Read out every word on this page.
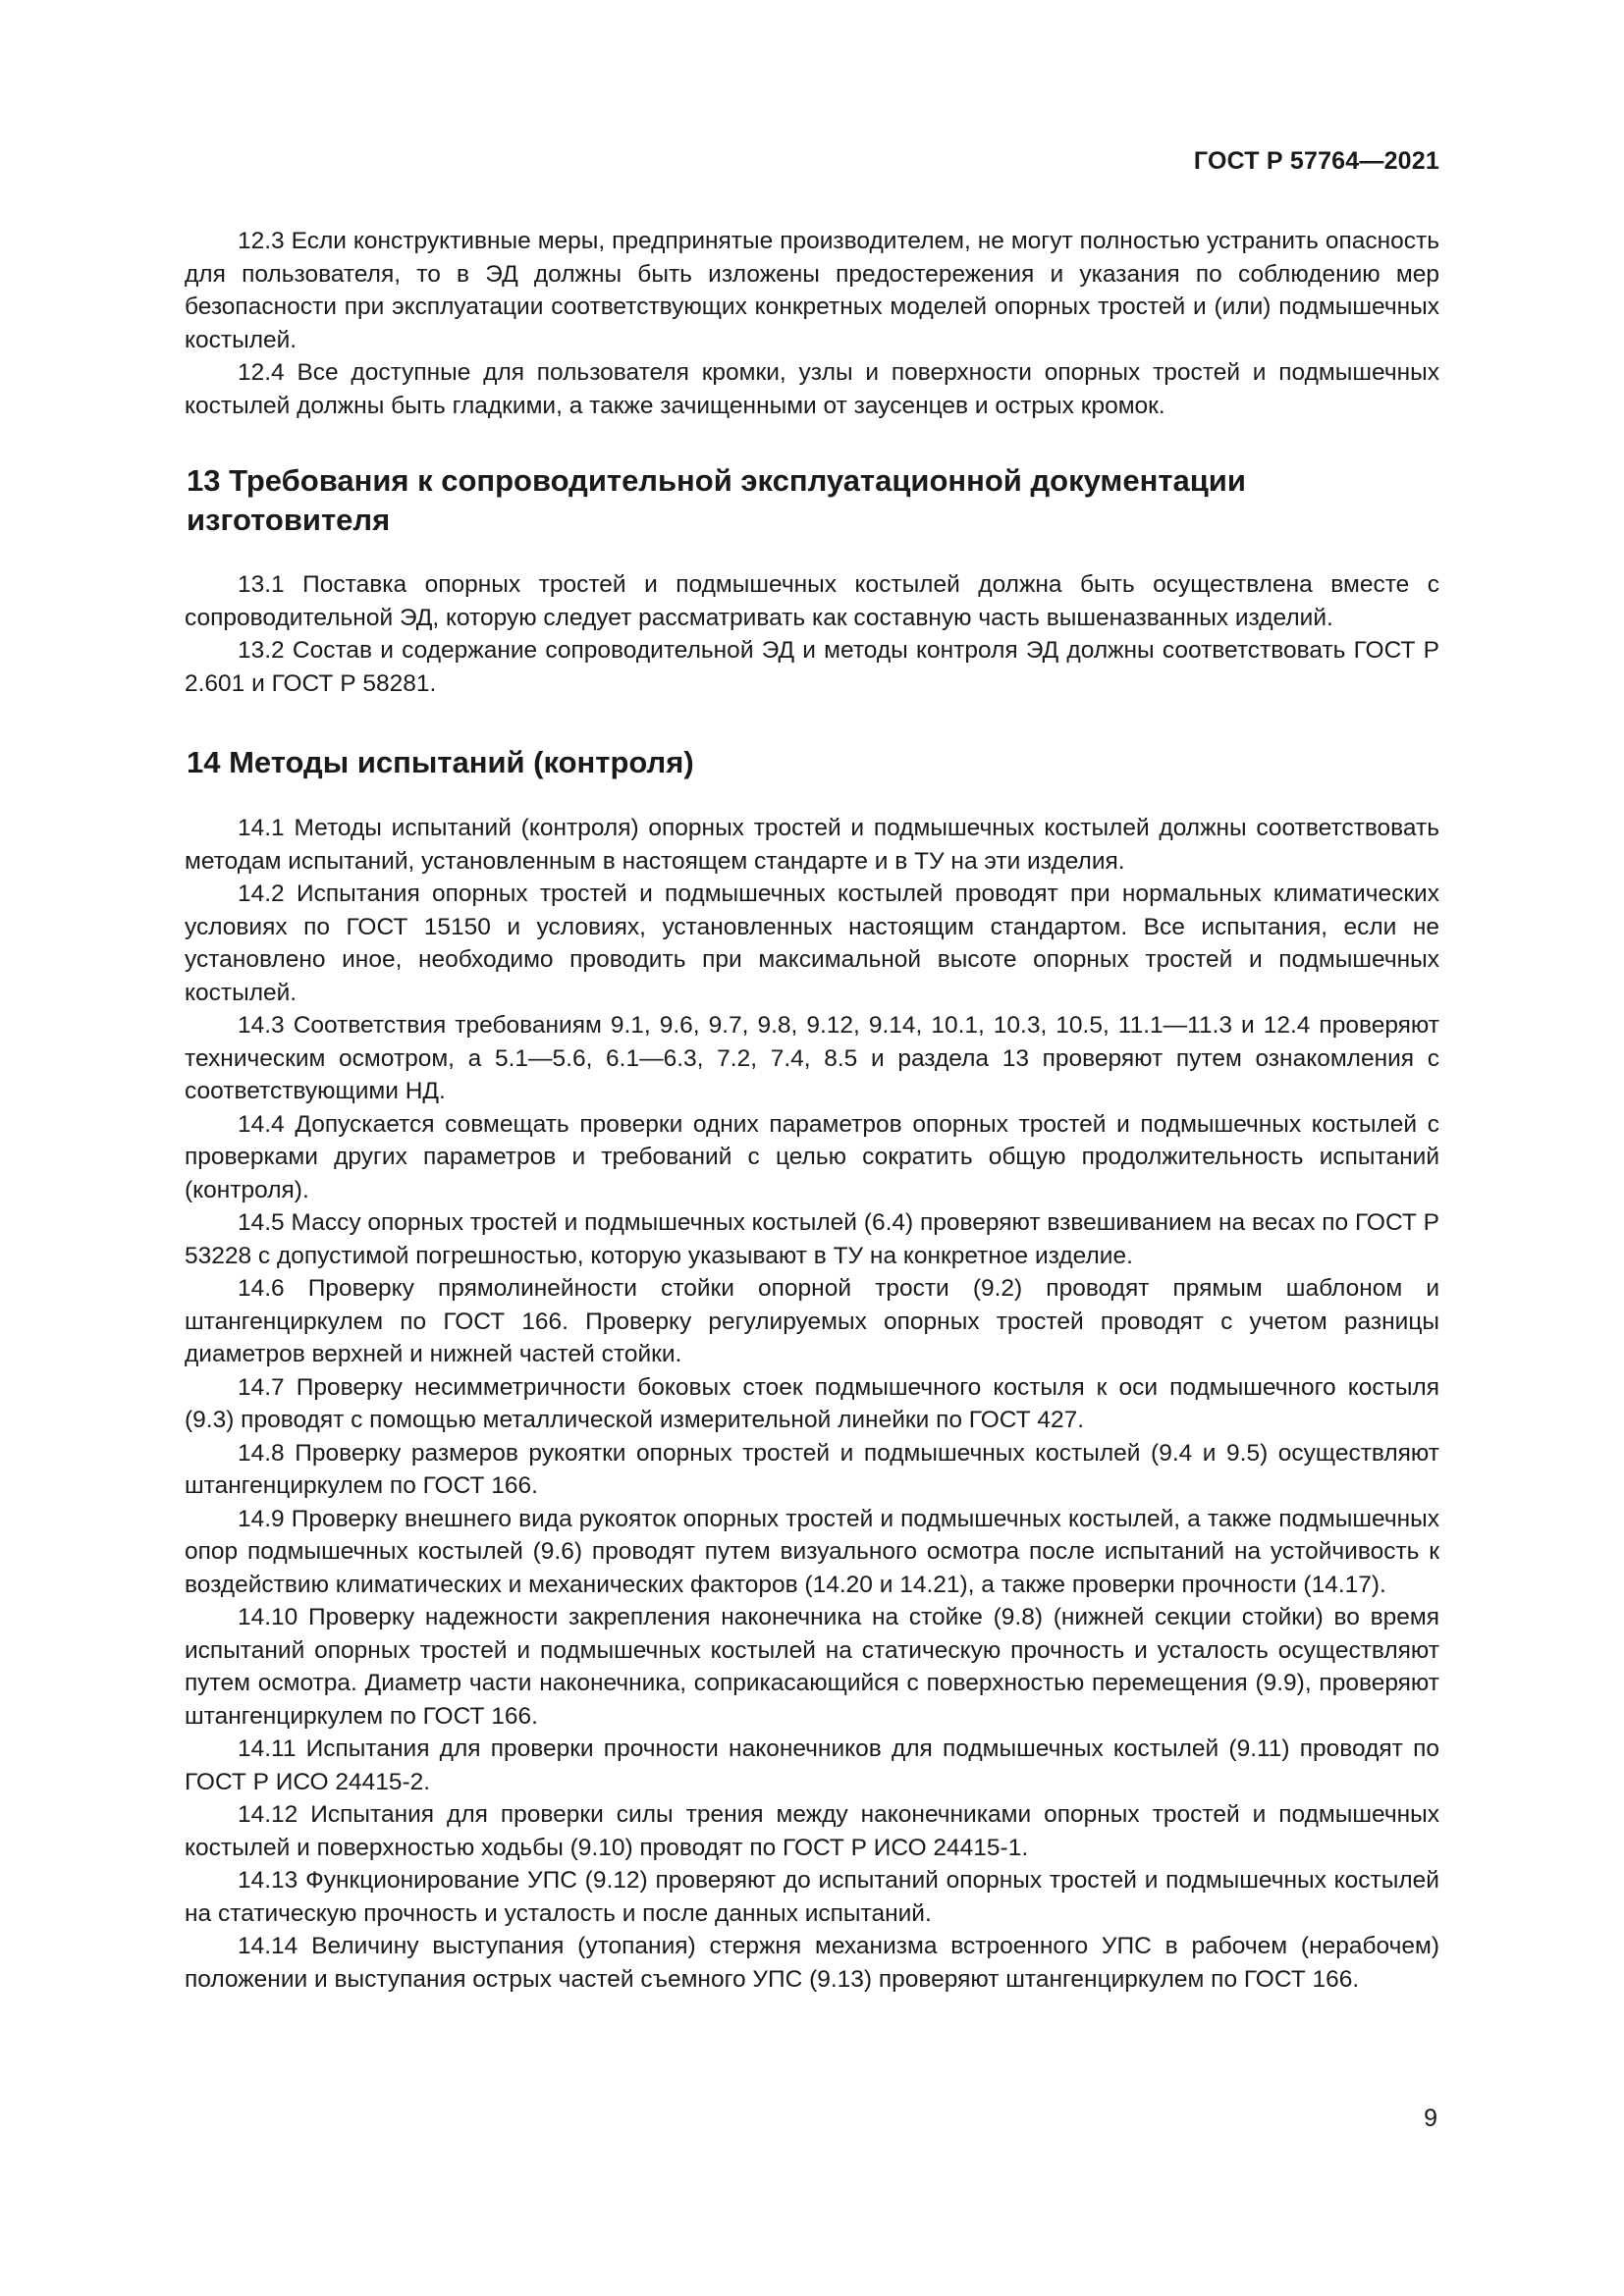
ГОСТ Р 57764—2021

12.3 Если конструктивные меры, предпринятые производителем, не могут полностью устранить опасность для пользователя, то в ЭД должны быть изложены предостережения и указания по соблюдению мер безопасности при эксплуатации соответствующих конкретных моделей опорных тростей и (или) подмышечных костылей.

12.4 Все доступные для пользователя кромки, узлы и поверхности опорных тростей и подмышечных костылей должны быть гладкими, а также зачищенными от заусенцев и острых кромок.

13 Требования к сопроводительной эксплуатационной документации изготовителя

13.1 Поставка опорных тростей и подмышечных костылей должна быть осуществлена вместе с сопроводительной ЭД, которую следует рассматривать как составную часть вышеназванных изделий.

13.2 Состав и содержание сопроводительной ЭД и методы контроля ЭД должны соответствовать ГОСТ Р 2.601 и ГОСТ Р 58281.

14 Методы испытаний (контроля)

14.1 Методы испытаний (контроля) опорных тростей и подмышечных костылей должны соответствовать методам испытаний, установленным в настоящем стандарте и в ТУ на эти изделия.

14.2 Испытания опорных тростей и подмышечных костылей проводят при нормальных климатических условиях по ГОСТ 15150 и условиях, установленных настоящим стандартом. Все испытания, если не установлено иное, необходимо проводить при максимальной высоте опорных тростей и подмышечных костылей.

14.3 Соответствия требованиям 9.1, 9.6, 9.7, 9.8, 9.12, 9.14, 10.1, 10.3, 10.5, 11.1—11.3 и 12.4 проверяют техническим осмотром, а 5.1—5.6, 6.1—6.3, 7.2, 7.4, 8.5 и раздела 13 проверяют путем ознакомления с соответствующими НД.

14.4 Допускается совмещать проверки одних параметров опорных тростей и подмышечных костылей с проверками других параметров и требований с целью сократить общую продолжительность испытаний (контроля).

14.5 Массу опорных тростей и подмышечных костылей (6.4) проверяют взвешиванием на весах по ГОСТ Р 53228 с допустимой погрешностью, которую указывают в ТУ на конкретное изделие.

14.6 Проверку прямолинейности стойки опорной трости (9.2) проводят прямым шаблоном и штангенциркулем по ГОСТ 166. Проверку регулируемых опорных тростей проводят с учетом разницы диаметров верхней и нижней частей стойки.

14.7 Проверку несимметричности боковых стоек подмышечного костыля к оси подмышечного костыля (9.3) проводят с помощью металлической измерительной линейки по ГОСТ 427.

14.8 Проверку размеров рукоятки опорных тростей и подмышечных костылей (9.4 и 9.5) осуществляют штангенциркулем по ГОСТ 166.

14.9 Проверку внешнего вида рукояток опорных тростей и подмышечных костылей, а также подмышечных опор подмышечных костылей (9.6) проводят путем визуального осмотра после испытаний на устойчивость к воздействию климатических и механических факторов (14.20 и 14.21), а также проверки прочности (14.17).

14.10 Проверку надежности закрепления наконечника на стойке (9.8) (нижней секции стойки) во время испытаний опорных тростей и подмышечных костылей на статическую прочность и усталость осуществляют путем осмотра. Диаметр части наконечника, соприкасающийся с поверхностью перемещения (9.9), проверяют штангенциркулем по ГОСТ 166.

14.11 Испытания для проверки прочности наконечников для подмышечных костылей (9.11) проводят по ГОСТ Р ИСО 24415-2.

14.12 Испытания для проверки силы трения между наконечниками опорных тростей и подмышечных костылей и поверхностью ходьбы (9.10) проводят по ГОСТ Р ИСО 24415-1.

14.13 Функционирование УПС (9.12) проверяют до испытаний опорных тростей и подмышечных костылей на статическую прочность и усталость и после данных испытаний.

14.14 Величину выступания (утопания) стержня механизма встроенного УПС в рабочем (нерабочем) положении и выступания острых частей съемного УПС (9.13) проверяют штангенциркулем по ГОСТ 166.

9
